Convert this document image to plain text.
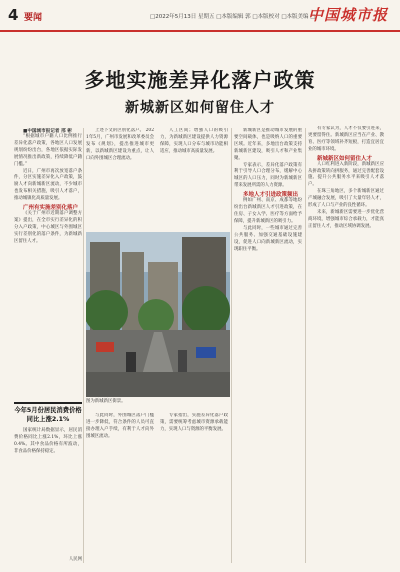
4 要闻	□2022年5月13日 星期五 □本版编辑 郭 □本版校对 □本版美编 □
中国城市报
多地实施差异化落户政策
新城新区如何留住人才

■中国城市报记者 邢 彬

“根据城市户籍人口比例推行差异化落户政策，各地区人口发展规划纷纷出台，各地区依据实际发展情况推出新政策，持续降低户籍门槛。”

近日，广州市再次放宽落户条件，分区实施差异化入户政策，鼓励人才向新城新区流动，不少城市也发布相关措施，吸引人才落户，推动城镇化高质量发展。

广州有实施差别化落户

《关于广州市近期落户调整方案》提出，在全市实行差异化的积分入户政策，中心城区与外围城区实行差别化的落户条件，为新城新区留住人才。

上述下文的区别化落户。 2021年5月，广州市发展和改革委员会发布《规划》，提出推进城市更新，以新城新区建设为重点，让人口向外围城区合理流动。

人工区间；增强人口的吸引力，为新城新区建设提供人力资源保障，实现人口分布与城市功能相适应，推动城市高质量发展。

图为新城新区街景。

与此同时，外围城区落户门槛进一步降低，符合条件的人员可直接办理入户手续，有利于人才向外围城区流动。

专家指出，实施差异化落户政策，需要统筹考虑城市资源承载能力，实现人口与资源的平衡发展。

新城新区是推动城市发展的重要空间载体，也是吸纳人口的重要区域。近年来，多地出台政策支持新城新区建设，吸引人才和产业集聚。

专家表示，差异化落户政策有利于引导人口合理分布，缓解中心城区的人口压力，同时为新城新区带来发展所需的人力资源。

多地人才引进政策频出

例如广州、南京、成都等地纷纷出台新城新区人才引进政策，在住房、子女入学、医疗等方面给予保障，提升新城新区的吸引力。

与此同时，一些城市通过完善公共服务、加强交通基础设施建设，促进人口向新城新区流动，实现职住平衡。

有专家认为，人才不仅要引进来，更要留得住。新城新区应当在产业、教育、医疗等领域补齐短板，打造宜居宜业的城市环境。

新城新区如何留住人才

人口红利进入新阶段，新城新区应从拼政策转向拼服务，通过完善配套设施、提升公共服务水平来吸引人才落户。

在珠三角地区，多个新城新区通过产城融合发展，吸引了大量年轻人才，形成了人口与产业的良性循环。

未来，新城新区需要进一步优化营商环境，增强城市综合承载力，才能真正留住人才，推动区域协调发展。

今年5月份居民消费价格同比上涨2.1%

国家统计局数据显示，居民消费价格同比上涨2.1%，环比上涨0.4%。其中食品价格有所波动，非食品价格保持稳定。

人民网
